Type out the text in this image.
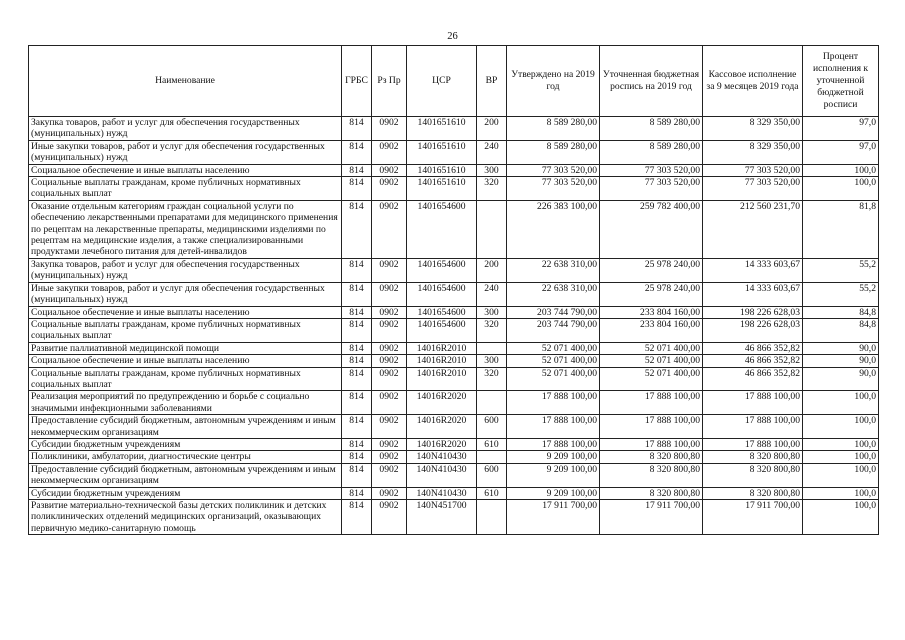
26
Наименование	ГРБС	Рз Пр	ЦСР	ВР	Утверждено на 2019 год	Уточненная бюджетная роспись на 2019 год	Кассовое исполнение за 9 месяцев 2019 года	Процент исполнения к уточненной бюджетной росписи
Закупка товаров, работ и услуг для обеспечения государственных (муниципальных) нужд	814	0902	1401651610	200	8 589 280,00	8 589 280,00	8 329 350,00	97,0
Иные закупки товаров, работ и услуг для обеспечения государственных (муниципальных) нужд	814	0902	1401651610	240	8 589 280,00	8 589 280,00	8 329 350,00	97,0
Социальное обеспечение и иные выплаты населению	814	0902	1401651610	300	77 303 520,00	77 303 520,00	77 303 520,00	100,0
Социальные выплаты гражданам, кроме публичных нормативных социальных выплат	814	0902	1401651610	320	77 303 520,00	77 303 520,00	77 303 520,00	100,0
Оказание отдельным категориям граждан социальной услуги по обеспечению лекарственными препаратами для медицинского применения по рецептам на лекарственные препараты, медицинскими изделиями по рецептам на медицинские изделия, а также специализированными продуктами лечебного питания для детей-инвалидов	814	0902	1401654600		226 383 100,00	259 782 400,00	212 560 231,70	81,8
Закупка товаров, работ и услуг для обеспечения государственных (муниципальных) нужд	814	0902	1401654600	200	22 638 310,00	25 978 240,00	14 333 603,67	55,2
Иные закупки товаров, работ и услуг для обеспечения государственных (муниципальных) нужд	814	0902	1401654600	240	22 638 310,00	25 978 240,00	14 333 603,67	55,2
Социальное обеспечение и иные выплаты населению	814	0902	1401654600	300	203 744 790,00	233 804 160,00	198 226 628,03	84,8
Социальные выплаты гражданам, кроме публичных нормативных социальных выплат	814	0902	1401654600	320	203 744 790,00	233 804 160,00	198 226 628,03	84,8
Развитие паллиативной медицинской помощи	814	0902	14016R2010		52 071 400,00	52 071 400,00	46 866 352,82	90,0
Социальное обеспечение и иные выплаты населению	814	0902	14016R2010	300	52 071 400,00	52 071 400,00	46 866 352,82	90,0
Социальные выплаты гражданам, кроме публичных нормативных социальных выплат	814	0902	14016R2010	320	52 071 400,00	52 071 400,00	46 866 352,82	90,0
Реализация мероприятий по предупреждению и борьбе с социально значимыми инфекционными заболеваниями	814	0902	14016R2020		17 888 100,00	17 888 100,00	17 888 100,00	100,0
Предоставление субсидий бюджетным, автономным учреждениям и иным некоммерческим организациям	814	0902	14016R2020	600	17 888 100,00	17 888 100,00	17 888 100,00	100,0
Субсидии бюджетным учреждениям	814	0902	14016R2020	610	17 888 100,00	17 888 100,00	17 888 100,00	100,0
Поликлиники, амбулатории, диагностические центры	814	0902	140N410430		9 209 100,00	8 320 800,80	8 320 800,80	100,0
Предоставление субсидий бюджетным, автономным учреждениям и иным некоммерческим организациям	814	0902	140N410430	600	9 209 100,00	8 320 800,80	8 320 800,80	100,0
Субсидии бюджетным учреждениям	814	0902	140N410430	610	9 209 100,00	8 320 800,80	8 320 800,80	100,0
Развитие материально-технической базы детских поликлиник и детских поликлинических отделений медицинских организаций, оказывающих первичную медико-санитарную помощь	814	0902	140N451700		17 911 700,00	17 911 700,00	17 911 700,00	100,0
